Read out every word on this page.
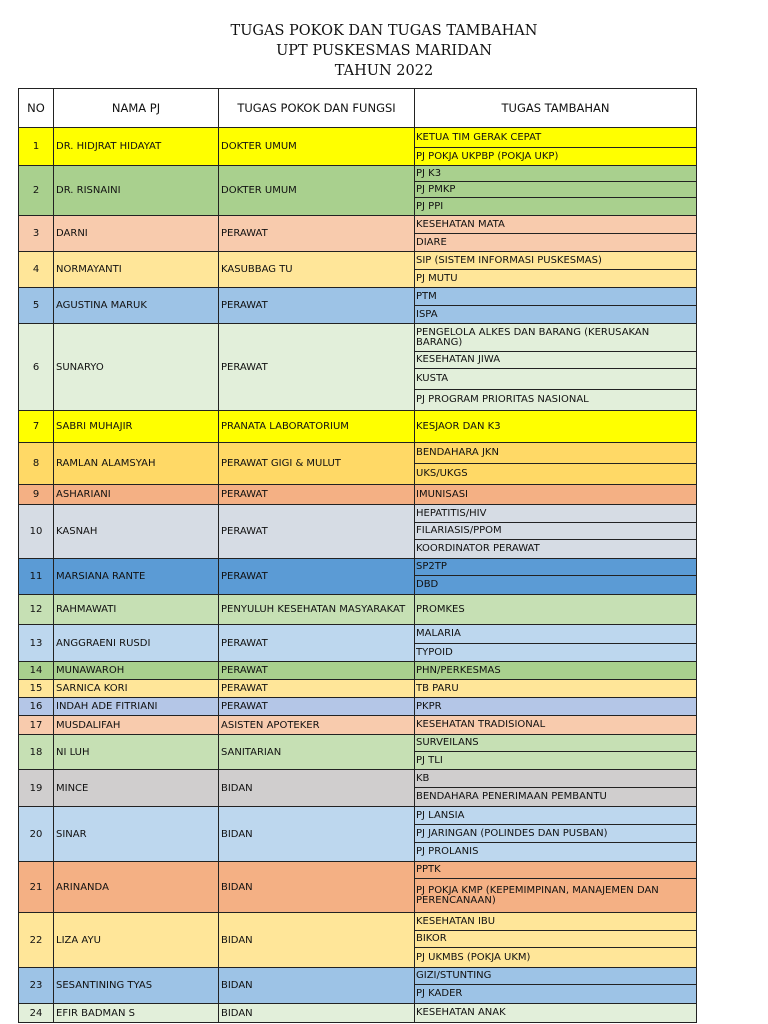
TUGAS POKOK DAN TUGAS TAMBAHAN
UPT PUSKESMAS MARIDAN
TAHUN 2022
NO	NAMA PJ	TUGAS POKOK DAN FUNGSI	TUGAS TAMBAHAN
1	DR. HIDJRAT HIDAYAT	DOKTER UMUM	KETUA TIM GERAK CEPAT
PJ POKJA UKPBP (POKJA UKP)

2	DR. RISNAINI	DOKTER UMUM	PJ K3
PJ PMKP
PJ PPI

3	DARNI	PERAWAT	KESEHATAN MATA
DIARE

4	NORMAYANTI	KASUBBAG TU	SIP (SISTEM INFORMASI PUSKESMAS)
PJ MUTU

5	AGUSTINA MARUK	PERAWAT	PTM
ISPA

6	SUNARYO	PERAWAT	PENGELOLA ALKES DAN BARANG (KERUSAKAN BARANG)
KESEHATAN JIWA
KUSTA
PJ PROGRAM PRIORITAS NASIONAL

7	SABRI MUHAJIR	PRANATA LABORATORIUM	KESJAOR DAN K3

8	RAMLAN ALAMSYAH	PERAWAT GIGI & MULUT	BENDAHARA JKN
UKS/UKGS

9	ASHARIANI	PERAWAT	IMUNISASI

10	KASNAH	PERAWAT	HEPATITIS/HIV
FILARIASIS/PPOM
KOORDINATOR PERAWAT

11	MARSIANA RANTE	PERAWAT	SP2TP
DBD

12	RAHMAWATI	PENYULUH KESEHATAN MASYARAKAT	PROMKES

13	ANGGRAENI RUSDI	PERAWAT	MALARIA
TYPOID

14	MUNAWAROH	PERAWAT	PHN/PERKESMAS

15	SARNICA KORI	PERAWAT	TB PARU

16	INDAH ADE FITRIANI	PERAWAT	PKPR

17	MUSDALIFAH	ASISTEN APOTEKER	KESEHATAN TRADISIONAL

18	NI LUH	SANITARIAN	SURVEILANS
PJ TLI

19	MINCE	BIDAN	KB
BENDAHARA PENERIMAAN PEMBANTU

20	SINAR	BIDAN	PJ LANSIA
PJ JARINGAN (POLINDES DAN PUSBAN)
PJ PROLANIS

21	ARINANDA	BIDAN	PPTK
PJ POKJA KMP (KEPEMIMPINAN, MANAJEMEN DAN PERENCANAAN)

22	LIZA AYU	BIDAN	KESEHATAN IBU
BIKOR
PJ UKMBS (POKJA UKM)

23	SESANTINING TYAS	BIDAN	GIZI/STUNTING
PJ KADER

24	EFIR BADMAN S	BIDAN	KESEHATAN ANAK
